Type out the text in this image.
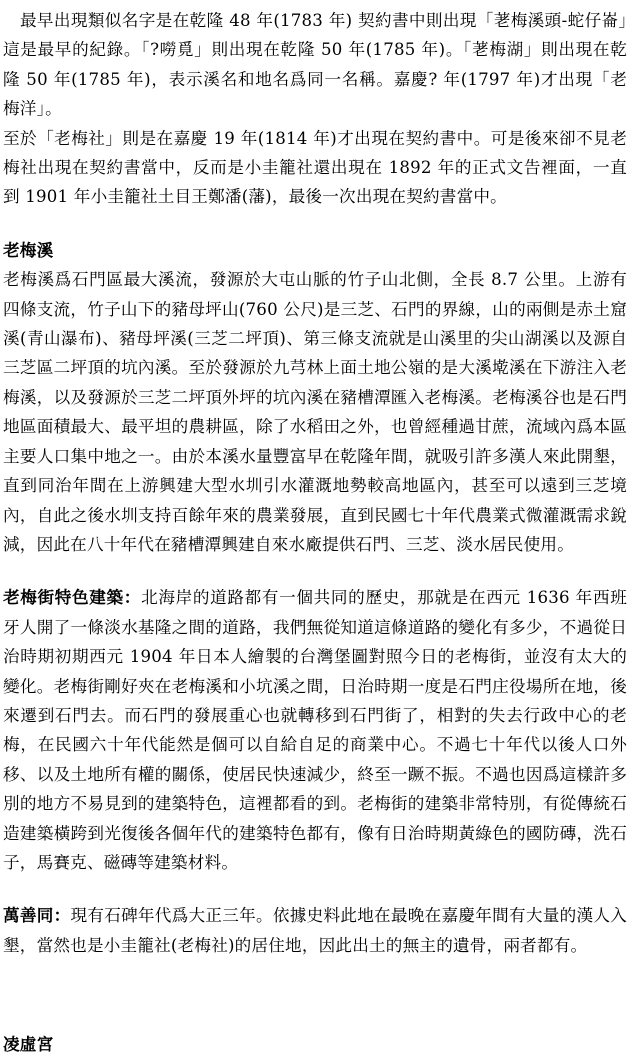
　最早出現類似名字是在乾隆 48 年(1783 年) 契約書中則出現「荖梅溪頭-蛇仔崙」這是最早的紀錄。「?嘮覓」則出現在乾隆 50 年(1785 年)。「荖梅湖」則出現在乾隆 50 年(1785 年)，表示溪名和地名爲同一名稱。嘉慶? 年(1797 年)才出現「老梅洋」。

至於「老梅社」則是在嘉慶 19 年(1814 年)才出現在契約書中。可是後來卻不見老梅社出現在契約書當中，反而是小圭籠社還出現在 1892 年的正式文告裡面，一直到 1901 年小圭籠社土目王鄭潘(藩)，最後一次出現在契約書當中。

老梅溪

老梅溪爲石門區最大溪流，發源於大屯山脈的竹子山北側，全長 8.7 公里。上游有四條支流，竹子山下的豬母坪山(760 公尺)是三芝、石門的界線，山的兩側是赤土窟溪(青山瀑布)、豬母坪溪(三芝二坪頂)、第三條支流就是山溪里的尖山湖溪以及源自三芝區二坪頂的坑內溪。至於發源於九芎林上面土地公嶺的是大溪墘溪在下游注入老梅溪，以及發源於三芝二坪頂外坪的坑內溪在豬槽潭匯入老梅溪。老梅溪谷也是石門地區面積最大、最平坦的農耕區，除了水稻田之外，也曾經種過甘蔗，流域內爲本區主要人口集中地之一。由於本溪水量豐富早在乾隆年間，就吸引許多漢人來此開墾，直到同治年間在上游興建大型水圳引水灌溉地勢較高地區內，甚至可以遠到三芝境內，自此之後水圳支持百餘年來的農業發展，直到民國七十年代農業式微灌溉需求銳減，因此在八十年代在豬槽潭興建自來水廠提供石門、三芝、淡水居民使用。

老梅街特色建築：北海岸的道路都有一個共同的歷史，那就是在西元 1636 年西班牙人開了一條淡水基隆之間的道路，我們無從知道這條道路的變化有多少，不過從日治時期初期西元 1904 年日本人繪製的台灣堡圖對照今日的老梅街，並沒有太大的變化。老梅街剛好夾在老梅溪和小坑溪之間，日治時期一度是石門庄役場所在地，後來遷到石門去。而石門的發展重心也就轉移到石門街了，相對的失去行政中心的老梅，在民國六十年代能然是個可以自給自足的商業中心。不過七十年代以後人口外移、以及土地所有權的關係，使居民快速減少，終至一蹶不振。不過也因爲這樣許多別的地方不易見到的建築特色，這裡都看的到。老梅街的建築非常特別，有從傳統石造建築橫跨到光復後各個年代的建築特色都有，像有日治時期黃綠色的國防磚，洗石子，馬賽克、磁磚等建築材料。

萬善同：現有石碑年代爲大正三年。依據史料此地在最晚在嘉慶年間有大量的漢人入墾，當然也是小圭籠社(老梅社)的居住地，因此出土的無主的遺骨，兩者都有。

凌虛宮
